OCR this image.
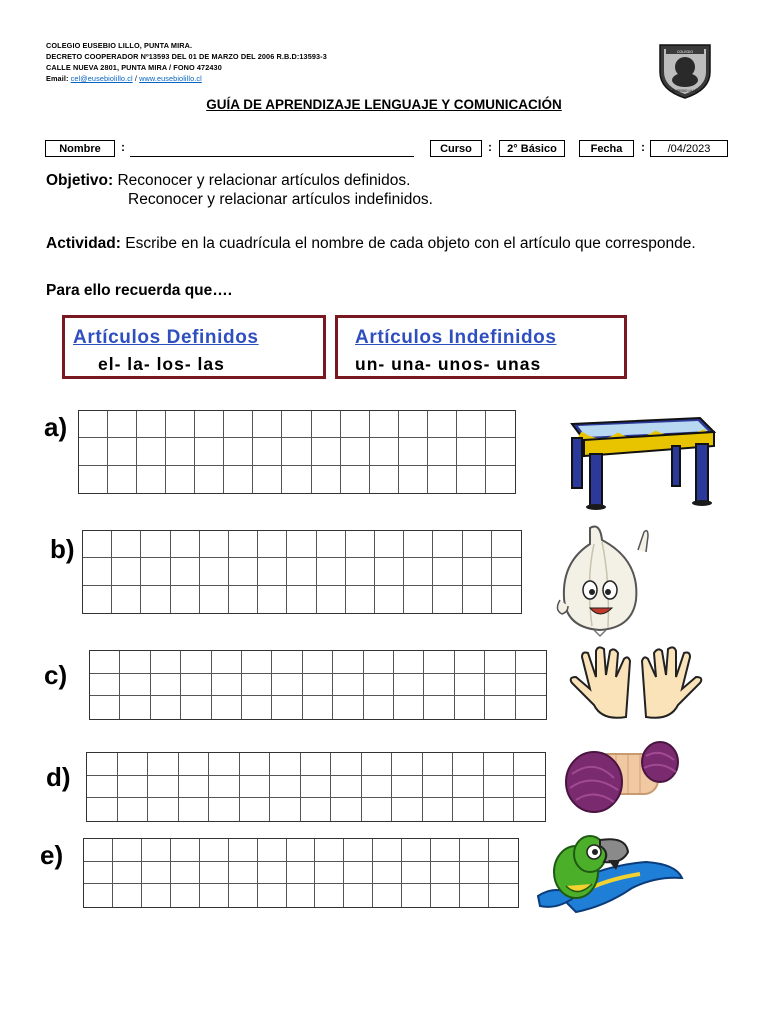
COLEGIO EUSEBIO LILLO, PUNTA MIRA.
DECRETO COOPERADOR Nº13593 DEL 01 DE MARZO DEL 2006 R.B.D:13593-3
CALLE NUEVA 2801, PUNTA MIRA / FONO 472430
Email: cel@eusebiolillo.cl / www.eusebiolillo.cl
COLEGIO
EUSEBIO LILLO
GUÍA DE APRENDIZAJE LENGUAJE Y COMUNICACIÓN
Nombre	:	Curso	:	2° Básico	Fecha	:	/04/2023
Objetivo: Reconocer y relacionar artículos definidos.
Reconocer y relacionar artículos indefinidos.
Actividad: Escribe en la cuadrícula el nombre de cada objeto con el artículo que corresponde.
Para ello recuerda que….
Artículos Definidos
el- la- los- las
Artículos Indefinidos
un- una- unos- unas
a)
b)
c)
d)
e)
